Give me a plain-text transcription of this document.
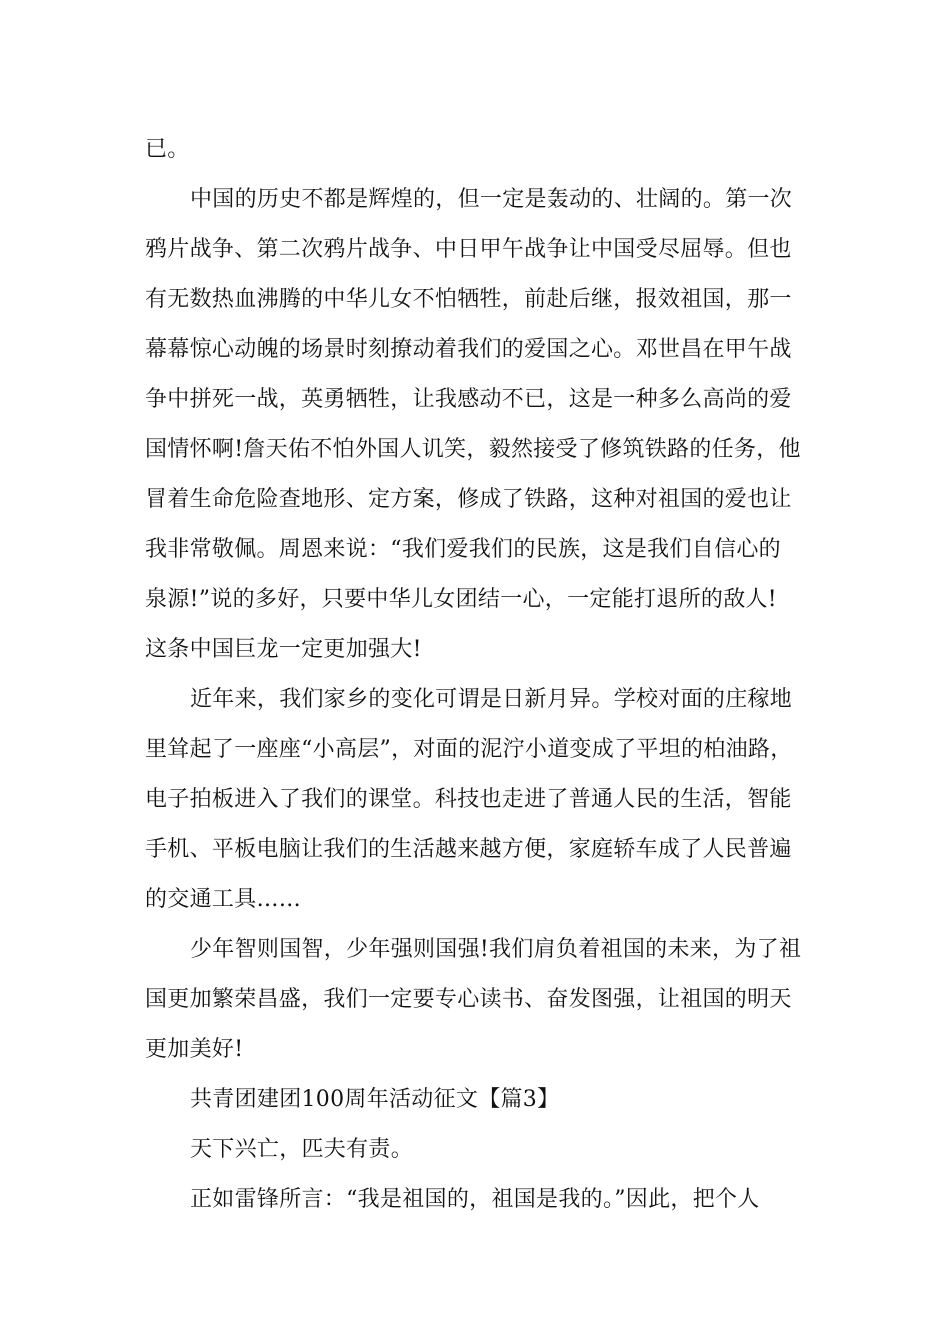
已。
中国的历史不都是辉煌的，但一定是轰动的、壮阔的。第一次
鸦片战争、第二次鸦片战争、中日甲午战争让中国受尽屈辱。但也
有无数热血沸腾的中华儿女不怕牺牲，前赴后继，报效祖国，那一
幕幕惊心动魄的场景时刻撩动着我们的爱国之心。邓世昌在甲午战
争中拼死一战，英勇牺牲，让我感动不已，这是一种多么高尚的爱
国情怀啊!詹天佑不怕外国人讥笑，毅然接受了修筑铁路的任务，他
冒着生命危险查地形、定方案，修成了铁路，这种对祖国的爱也让
我非常敬佩。周恩来说：“我们爱我们的民族，这是我们自信心的
泉源!”说的多好，只要中华儿女团结一心，一定能打退所的敌人!
这条中国巨龙一定更加强大!
近年来，我们家乡的变化可谓是日新月异。学校对面的庄稼地
里耸起了一座座“小高层”，对面的泥泞小道变成了平坦的柏油路，
电子拍板进入了我们的课堂。科技也走进了普通人民的生活，智能
手机、平板电脑让我们的生活越来越方便，家庭轿车成了人民普遍
的交通工具……
少年智则国智，少年强则国强!我们肩负着祖国的未来，为了祖
国更加繁荣昌盛，我们一定要专心读书、奋发图强，让祖国的明天
更加美好!
共青团建团100周年活动征文【篇3】
天下兴亡，匹夫有责。
正如雷锋所言：“我是祖国的，祖国是我的。”因此，把个人
